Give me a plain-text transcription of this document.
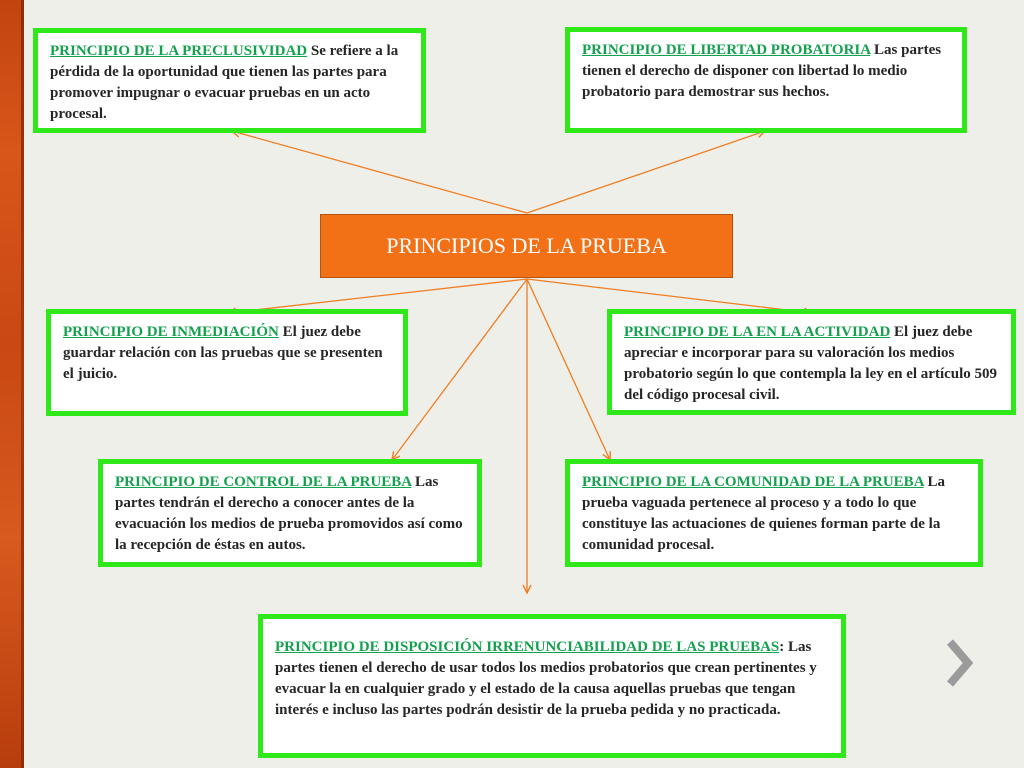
PRINCIPIOS DE LA PRUEBA
PRINCIPIO DE LA PRECLUSIVIDAD Se refiere a la pérdida de la oportunidad que tienen las partes para promover impugnar o evacuar pruebas en un acto procesal.
PRINCIPIO DE LIBERTAD PROBATORIA Las partes tienen el derecho de disponer con libertad lo medio probatorio para demostrar sus hechos.
PRINCIPIO DE INMEDIACIÓN El juez debe guardar relación con las pruebas que se presenten el juicio.
PRINCIPIO DE LA EN LA ACTIVIDAD El juez debe apreciar e incorporar para su valoración los medios probatorio según lo que contempla la ley en el artículo 509 del código procesal civil.
PRINCIPIO DE CONTROL DE LA PRUEBA Las partes tendrán el derecho a conocer antes de la evacuación los medios de prueba promovidos así como la recepción de éstas en autos.
PRINCIPIO DE LA COMUNIDAD DE LA PRUEBA La prueba vaguada pertenece al proceso y a todo lo que constituye las actuaciones de quienes forman parte de la comunidad procesal.
PRINCIPIO DE DISPOSICIÓN IRRENUNCIABILIDAD DE LAS PRUEBAS: Las partes tienen el derecho de usar todos los medios probatorios que crean pertinentes y evacuar la en cualquier grado y el estado de la causa aquellas pruebas que tengan interés e incluso las partes podrán desistir de la prueba pedida y no practicada.
